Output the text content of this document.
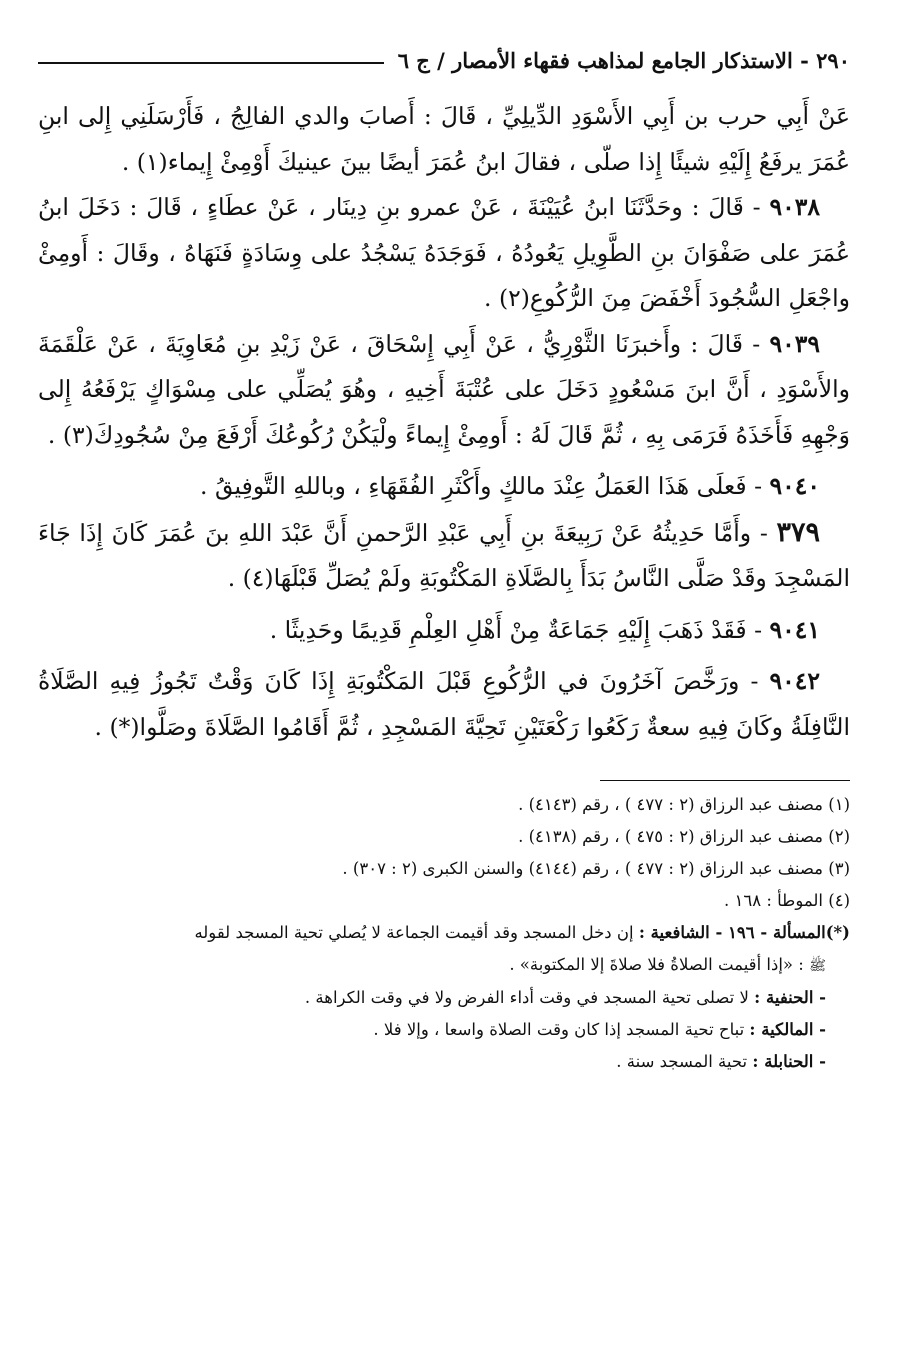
٢٩٠ - الاستذكار الجامع لمذاهب فقهاء الأمصار / ج ٦

عَنْ أَبِي حرب بن أَبِي الأَسْوَدِ الدِّيلِيِّ ، قَالَ : أَصابَ والدي الفالِجُ ، فَأَرْسَلَنِي إِلى ابنِ عُمَرَ يرفَعُ إِلَيْهِ شيئًا إِذا صلّى ، فقالَ ابنُ عُمَرَ أيضًا بينَ عينيكَ أَوْمِئْ إِيماء(١) .

٩٠٣٨ - قَالَ : وحَدَّثَنَا ابنُ عُيَيْنَةَ ، عَنْ عمرو بنِ دِينَار ، عَنْ عطَاءٍ ، قَالَ : دَخَلَ ابنُ عُمَرَ على صَفْوَانَ بنِ الطَّوِيلِ يَعُودُهُ ، فَوَجَدَهُ يَسْجُدُ على وِسَادَةٍ فَنَهَاهُ ، وقَالَ : أَومِئْ واجْعَلِ السُّجُودَ أَخْفَضَ مِنَ الرُّكُوعِ(٢) .

٩٠٣٩ - قَالَ : وأَخبرَنَا الثَّوْرِيُّ ، عَنْ أَبِي إِسْحَاقَ ، عَنْ زَيْدِ بنِ مُعَاوِيَةَ ، عَنْ عَلْقَمَةَ والأَسْوَدِ ، أَنَّ ابنَ مَسْعُودٍ دَخَلَ على عُتْبَةَ أَخِيهِ ، وهُوَ يُصَلِّي على مِسْوَاكٍ يَرْفَعُهُ إِلى وَجْهِهِ فَأَخَذَهُ فَرَمَى بِهِ ، ثُمَّ قَالَ لَهُ : أَومِئْ إِيماءً ولْيَكُنْ رُكُوعُكَ أَرْفَعَ مِنْ سُجُودِكَ(٣) .

٩٠٤٠ - فَعلَى هَذَا العَمَلُ عِنْدَ مالكٍ وأَكْثَرِ الفُقَهَاءِ ، وباللهِ التَّوفِيقُ .

٣٧٩ - وأَمَّا حَدِيثُهُ عَنْ رَبِيعَةَ بنِ أَبِي عَبْدِ الرَّحمنِ أَنَّ عَبْدَ اللهِ بنَ عُمَرَ كَانَ إِذَا جَاءَ المَسْجِدَ وقَدْ صَلَّى النَّاسُ بَدَأَ بِالصَّلَاةِ المَكْتُوبَةِ ولَمْ يُصَلِّ قَبْلَهَا(٤) .

٩٠٤١ - فَقَدْ ذَهَبَ إِلَيْهِ جَمَاعَةٌ مِنْ أَهْلِ العِلْمِ قَدِيمًا وحَدِيثًا .

٩٠٤٢ - ورَخَّصَ آخَرُونَ في الرُّكُوعِ قَبْلَ المَكْتُوبَةِ إِذَا كَانَ وَقْتٌ تَجُوزُ فِيهِ الصَّلَاةُ النَّافِلَةُ وكَانَ فِيهِ سعةٌ رَكَعُوا رَكْعَتَيْنِ تَحِيَّةَ المَسْجِدِ ، ثُمَّ أَقَامُوا الصَّلَاةَ وصَلَّوا(*) .

(١) مصنف عبد الرزاق (٢ : ٤٧٧ ) ، رقم (٤١٤٣) .

(٢) مصنف عبد الرزاق (٢ : ٤٧٥ ) ، رقم (٤١٣٨) .

(٣) مصنف عبد الرزاق (٢ : ٤٧٧ ) ، رقم (٤١٤٤) والسنن الكبرى (٢ : ٣٠٧) .

(٤) الموطأ : ١٦٨ .

(*)المسألة - ١٩٦ - الشافعية : إن دخل المسجد وقد أقيمت الجماعة لا يُصلي تحية المسجد لقوله

ﷺ : «إذا أقيمت الصلاةُ فلا صلاةَ إلا المكتوبة» .

- الحنفية : لا تصلى تحية المسجد في وقت أداء الفرض ولا في وقت الكراهة .

- المالكية : تباح تحية المسجد إذا كان وقت الصلاة واسعا ، وإلا فلا .

- الحنابلة : تحية المسجد سنة .
